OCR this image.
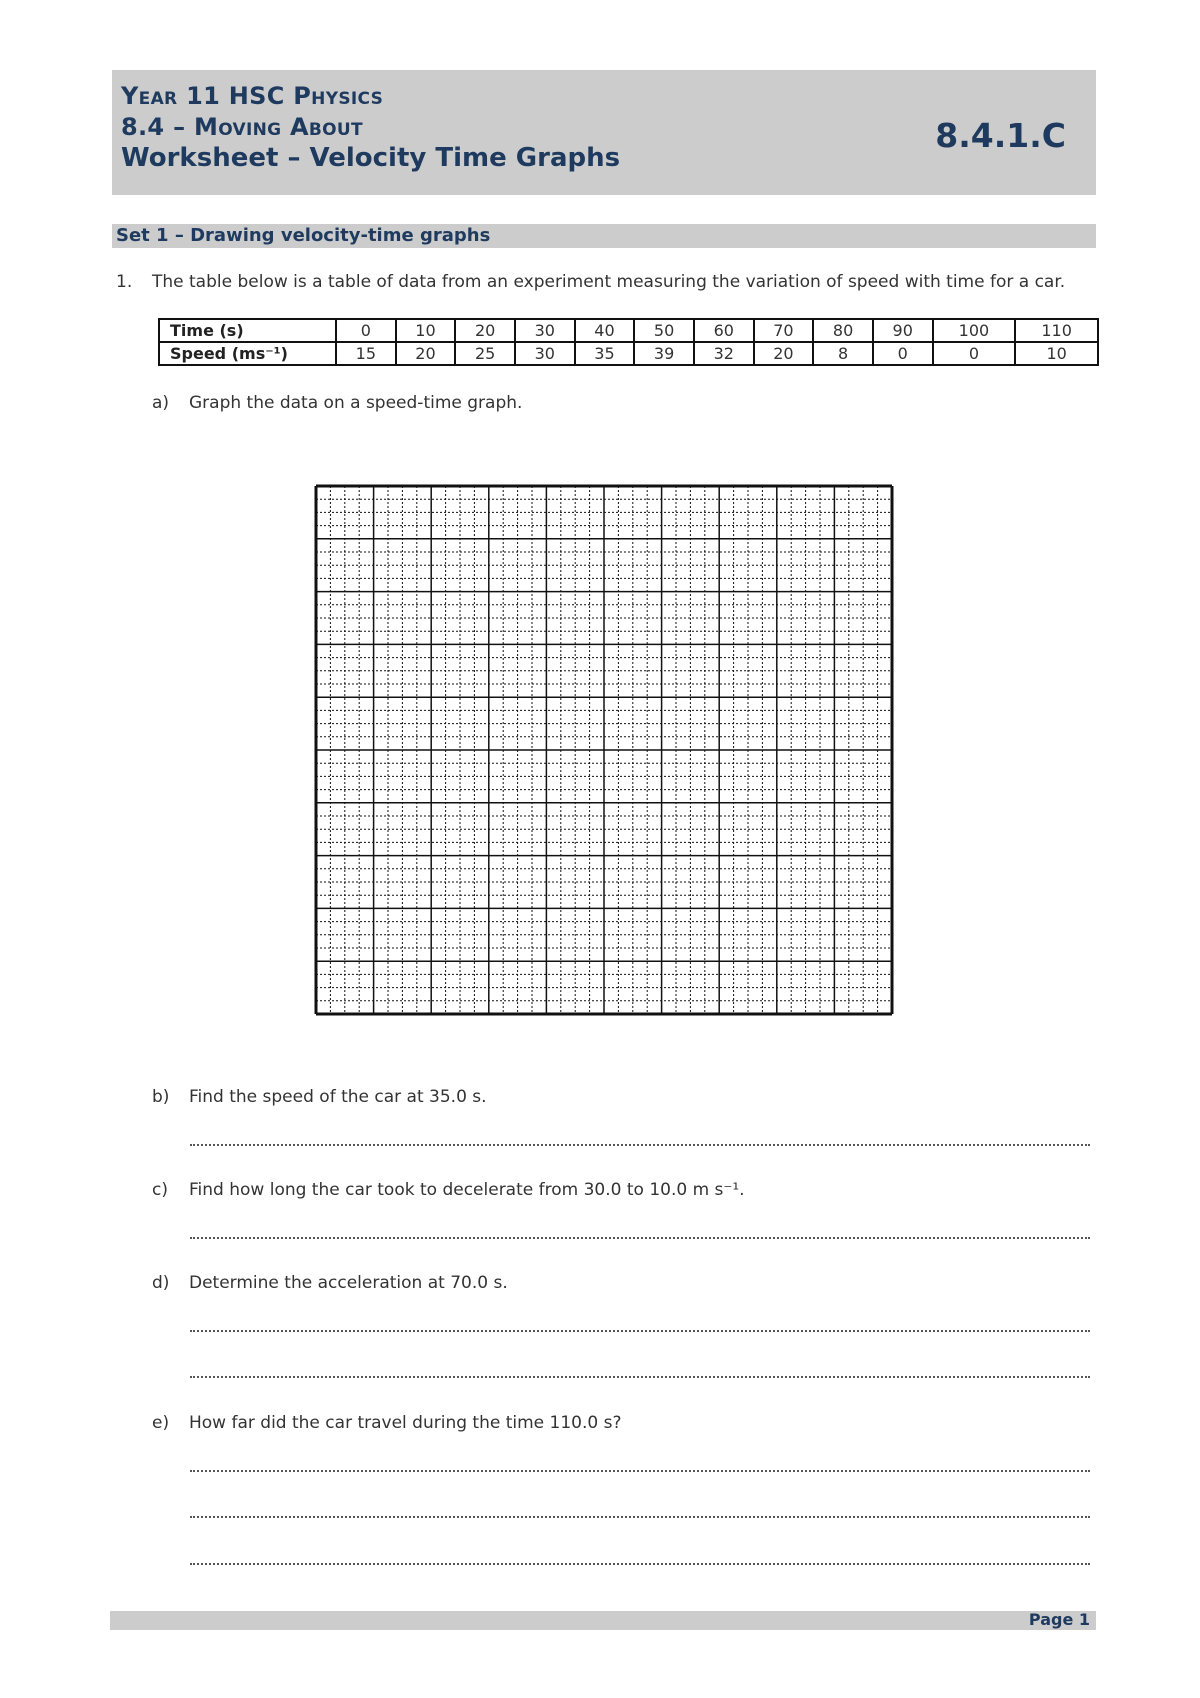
Year 11 HSC Physics
8.4 – Moving About
Worksheet – Velocity Time Graphs
8.4.1.C
Set 1 – Drawing velocity-time graphs
1. The table below is a table of data from an experiment measuring the variation of speed with time for a car.
Time (s)	0	10	20	30	40	50	60	70	80	90	100	110
Speed (ms⁻¹)	15	20	25	30	35	39	32	20	8	0	0	10
a) Graph the data on a speed-time graph.
b) Find the speed of the car at 35.0 s.
c) Find how long the car took to decelerate from 30.0 to 10.0 m s⁻¹.
d) Determine the acceleration at 70.0 s.
e) How far did the car travel during the time 110.0 s?
Page 1
